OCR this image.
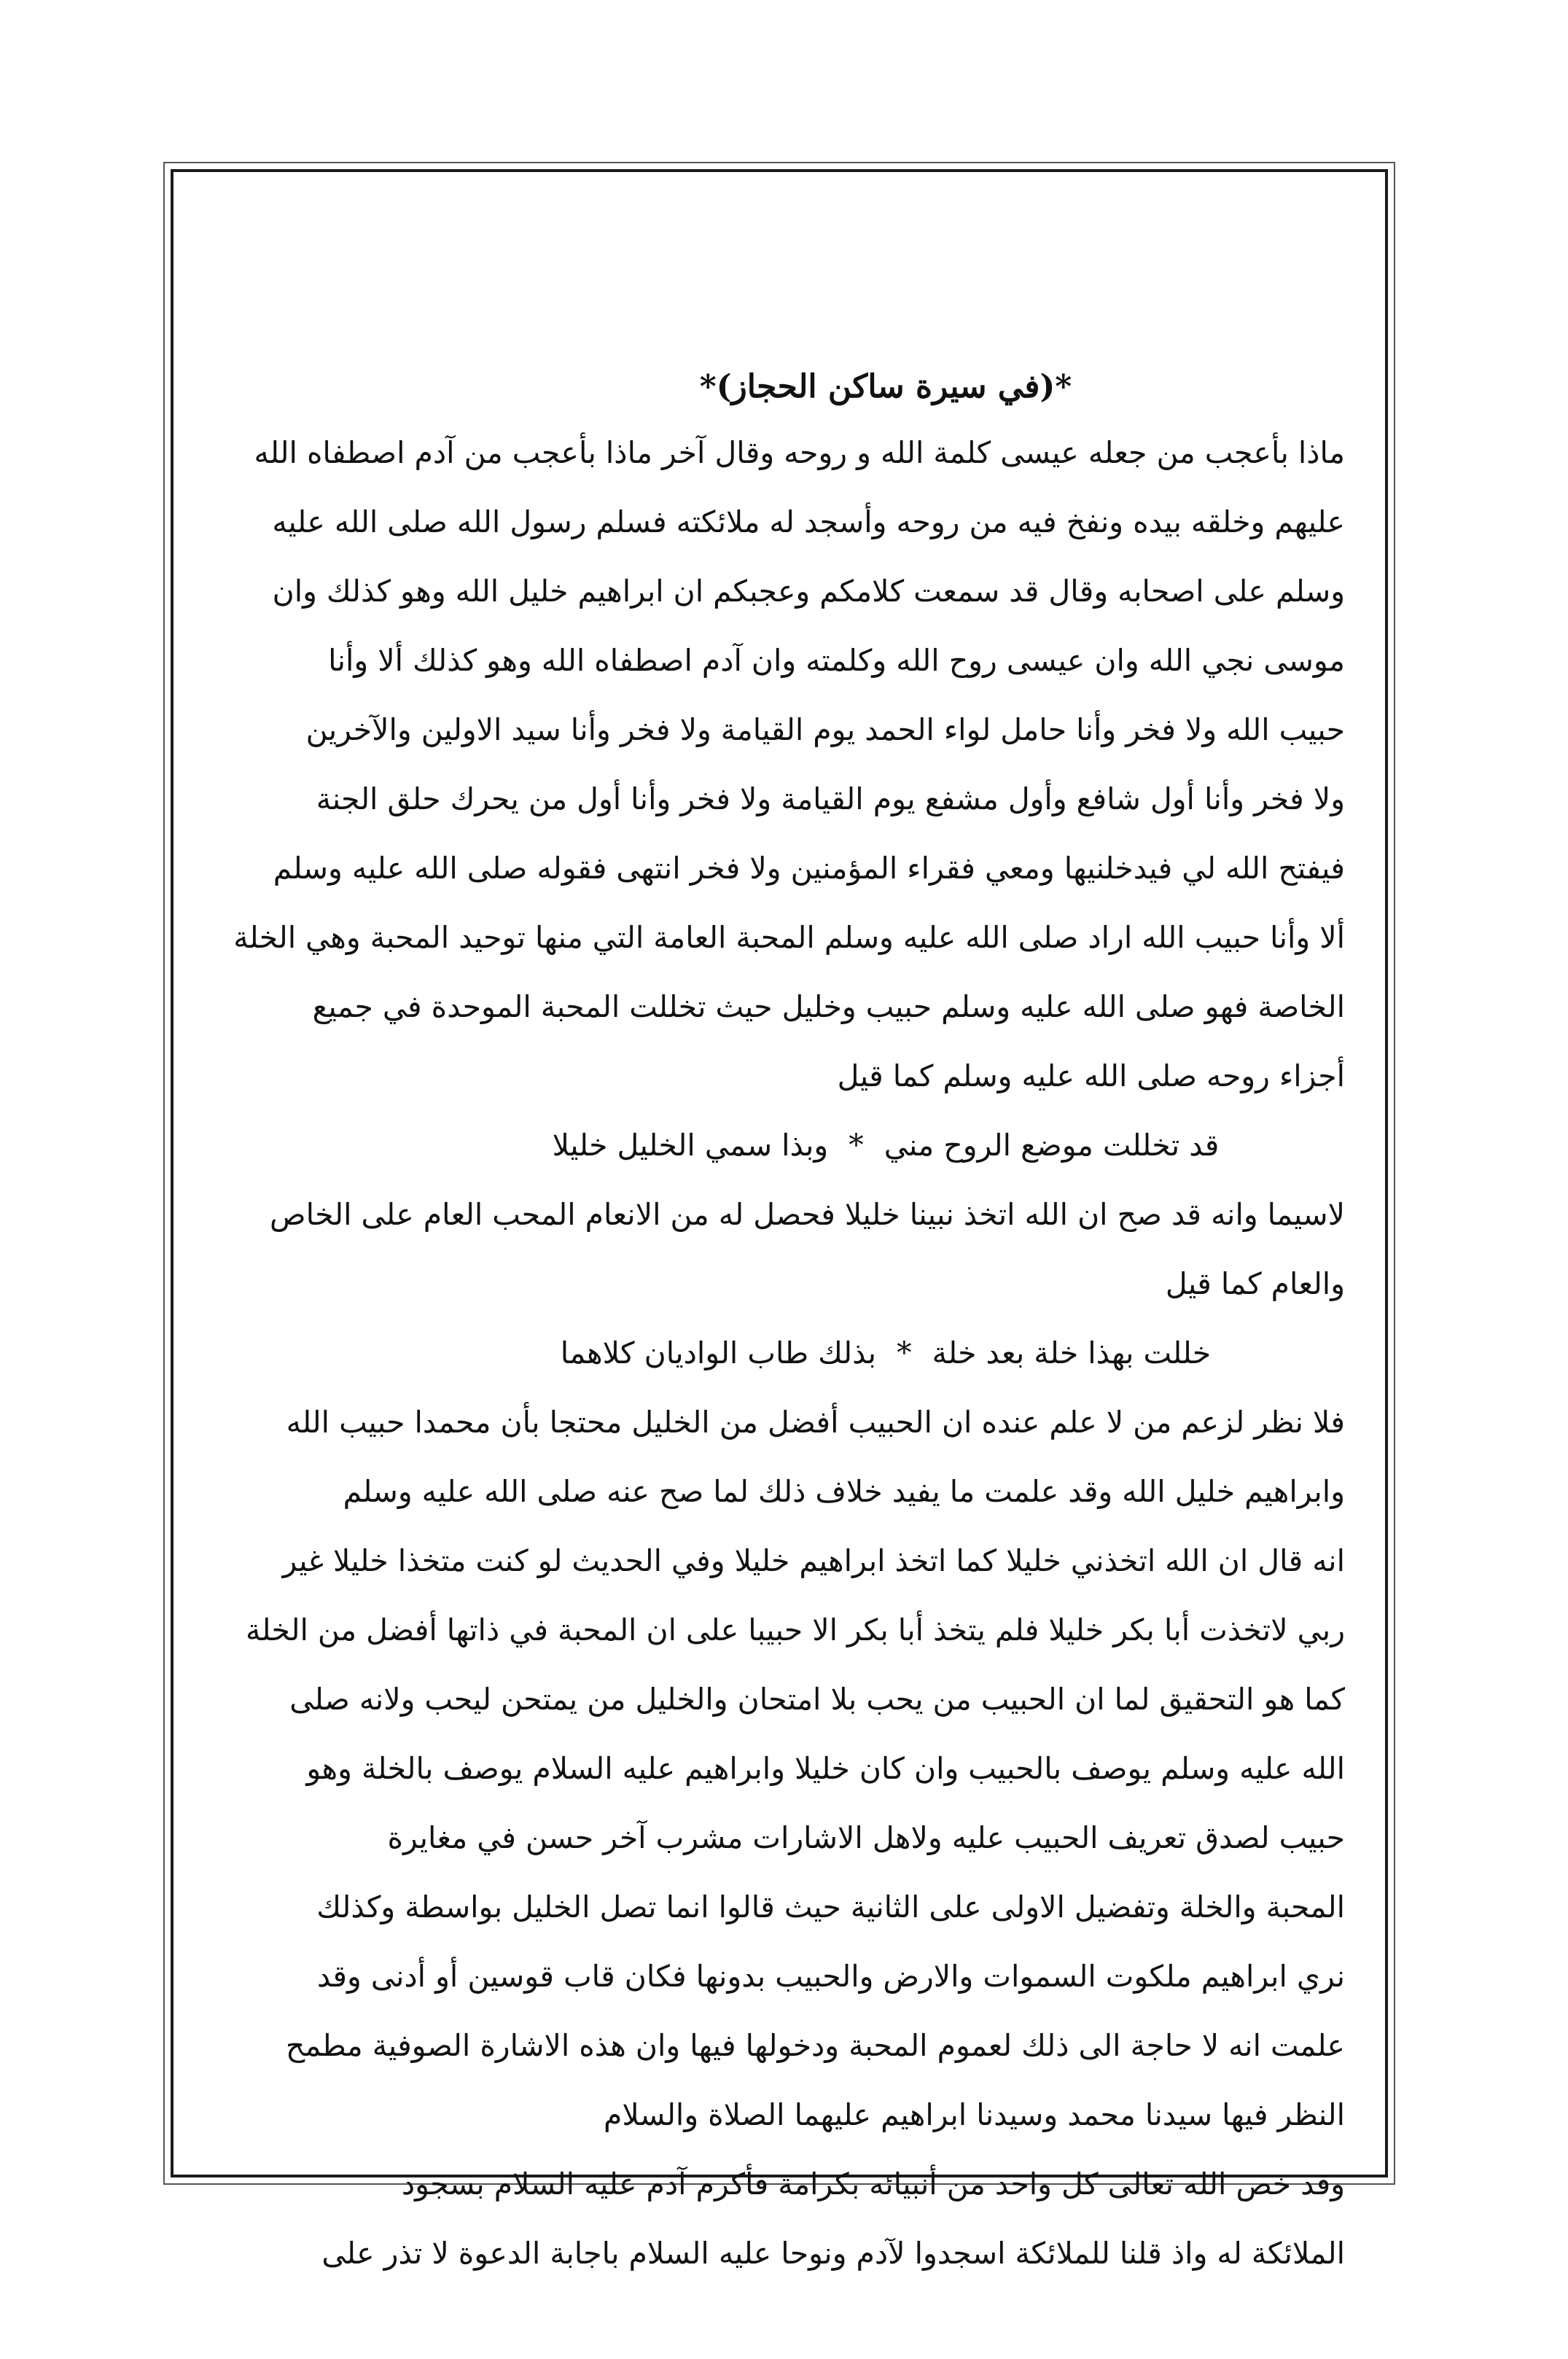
*(في سيرة ساكن الحجاز)*
ماذا بأعجب من جعله عيسى كلمة الله و روحه وقال آخر ماذا بأعجب من آدم اصطفاه الله
عليهم وخلقه بيده ونفخ فيه من روحه وأسجد له ملائكته فسلم رسول الله صلى الله عليه
وسلم على اصحابه وقال قد سمعت كلامكم وعجبكم ان ابراهيم خليل الله وهو كذلك وان
موسى نجي الله وان عيسى روح الله وكلمته وان آدم اصطفاه الله وهو كذلك ألا وأنا
حبيب الله ولا فخر وأنا حامل لواء الحمد يوم القيامة ولا فخر وأنا سيد الاولين والآخرين
ولا فخر وأنا أول شافع وأول مشفع يوم القيامة ولا فخر وأنا أول من يحرك حلق الجنة
فيفتح الله لي فيدخلنيها ومعي فقراء المؤمنين ولا فخر انتهى فقوله صلى الله عليه وسلم
ألا وأنا حبيب الله اراد صلى الله عليه وسلم المحبة العامة التي منها توحيد المحبة وهي الخلة
الخاصة فهو صلى الله عليه وسلم حبيب وخليل حيث تخللت المحبة الموحدة في جميع
أجزاء روحه صلى الله عليه وسلم كما قيل
قد تخللت موضع الروح مني*وبذا سمي الخليل خليلا
لاسيما وانه قد صح ان الله اتخذ نبينا خليلا فحصل له من الانعام المحب العام على الخاص
والعام كما قيل
خللت بهذا خلة بعد خلة*بذلك طاب الواديان كلاهما
فلا نظر لزعم من لا علم عنده ان الحبيب أفضل من الخليل محتجا بأن محمدا حبيب الله
وابراهيم خليل الله وقد علمت ما يفيد خلاف ذلك لما صح عنه صلى الله عليه وسلم
انه قال ان الله اتخذني خليلا كما اتخذ ابراهيم خليلا وفي الحديث لو كنت متخذا خليلا غير
ربي لاتخذت أبا بكر خليلا فلم يتخذ أبا بكر الا حبيبا على ان المحبة في ذاتها أفضل من الخلة
كما هو التحقيق لما ان الحبيب من يحب بلا امتحان والخليل من يمتحن ليحب ولانه صلى
الله عليه وسلم يوصف بالحبيب وان كان خليلا وابراهيم عليه السلام يوصف بالخلة وهو
حبيب لصدق تعريف الحبيب عليه ولاهل الاشارات مشرب آخر حسن في مغايرة
المحبة والخلة وتفضيل الاولى على الثانية حيث قالوا انما تصل الخليل بواسطة وكذلك
نري ابراهيم ملكوت السموات والارض والحبيب بدونها فكان قاب قوسين أو أدنى وقد
علمت انه لا حاجة الى ذلك لعموم المحبة ودخولها فيها وان هذه الاشارة الصوفية مطمح
النظر فيها سيدنا محمد وسيدنا ابراهيم عليهما الصلاة والسلام
وقد خص الله تعالى كل واحد من أنبيائه بكرامة فأكرم آدم عليه السلام بسجود
الملائكة له واذ قلنا للملائكة اسجدوا لآدم ونوحا عليه السلام باجابة الدعوة لا تذر على
